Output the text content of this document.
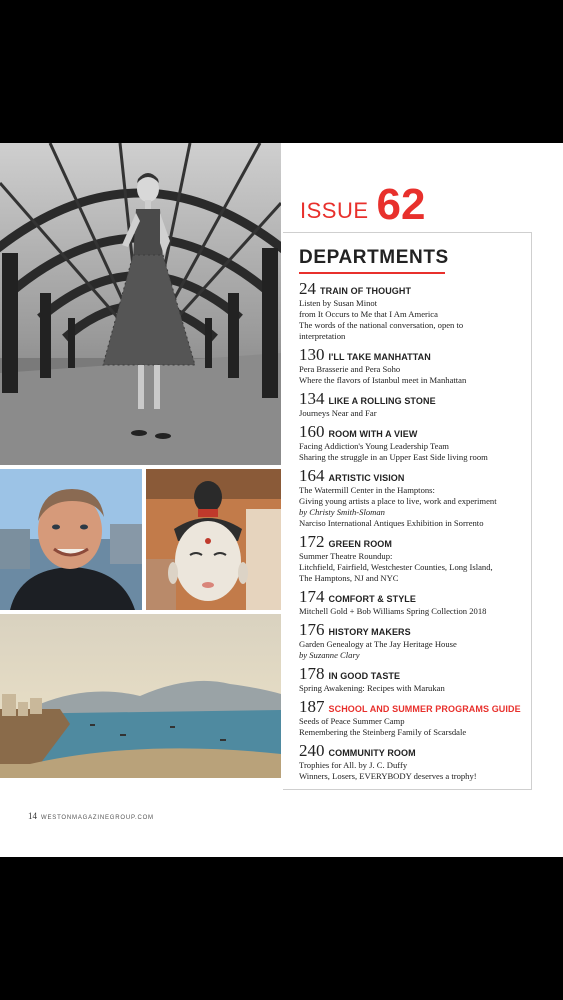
ISSUE 62
DEPARTMENTS
24 TRAIN OF THOUGHT
Listen by Susan Minot
from It Occurs to Me that I Am America
The words of the national conversation, open to
interpretation
130 I'LL TAKE MANHATTAN
Pera Brasserie and Pera Soho
Where the flavors of Istanbul meet in Manhattan
134 LIKE A ROLLING STONE
Journeys Near and Far
160 ROOM WITH A VIEW
Facing Addiction's Young Leadership Team
Sharing the struggle in an Upper East Side living room
164 ARTISTIC VISION
The Watermill Center in the Hamptons:
Giving young artists a place to live, work and experiment
by Christy Smith-Sloman
Narciso International Antiques Exhibition in Sorrento
172 GREEN ROOM
Summer Theatre Roundup:
Litchfield, Fairfield, Westchester Counties, Long Island,
The Hamptons, NJ and NYC
174 COMFORT & STYLE
Mitchell Gold + Bob Williams Spring Collection 2018
176 HISTORY MAKERS
Garden Genealogy at The Jay Heritage House
by Suzanne Clary
178 IN GOOD TASTE
Spring Awakening: Recipes with Marukan
187 SCHOOL AND SUMMER PROGRAMS GUIDE
Seeds of Peace Summer Camp
Remembering the Steinberg Family of Scarsdale
240 COMMUNITY ROOM
Trophies for All. by J. C. Duffy
Winners, Losers, EVERYBODY deserves a trophy!
14 WESTONMAGAZINEGROUP.COM
